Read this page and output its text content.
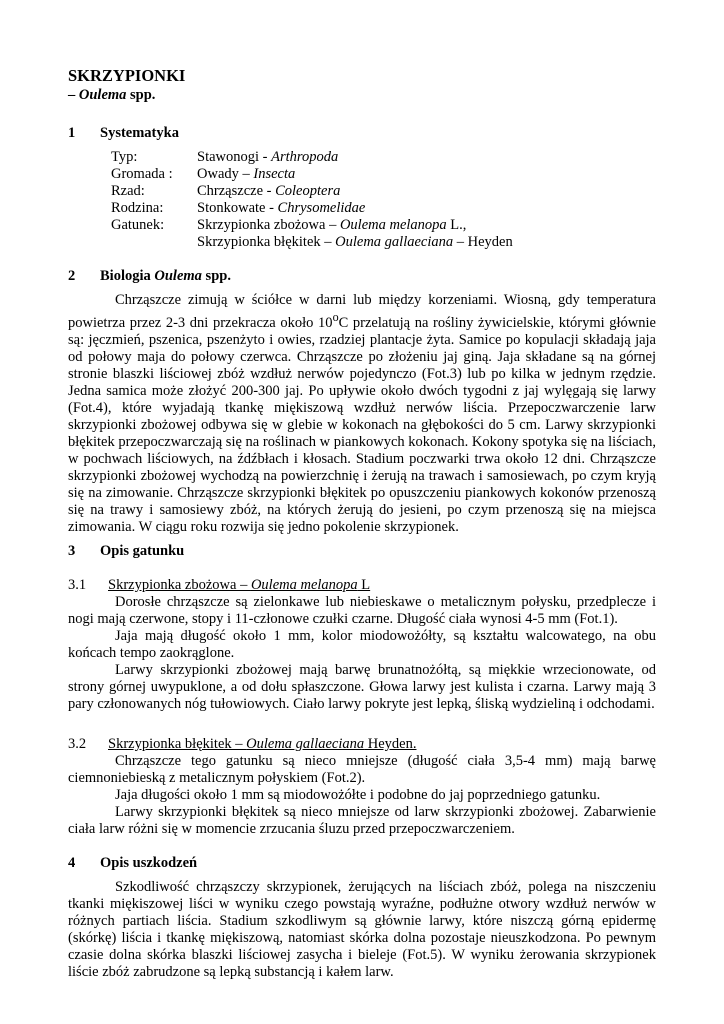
SKRZYPIONKI
– Oulema spp.
1 Systematyka
Typ:	Stawonogi - Arthropoda
Gromada :	Owady – Insecta
Rzad:	Chrząszcze - Coleoptera
Rodzina:	Stonkowate - Chrysomelidae
Gatunek:	Skrzypionka zbożowa – Oulema melanopa L.,
Skrzypionka błękitek – Oulema gallaeciana – Heyden
2 Biologia Oulema spp.

Chrząszcze zimują w ściółce w darni lub między korzeniami. Wiosną, gdy temperatura powietrza przez 2-3 dni przekracza około 10$^o$C przelatują na rośliny żywicielskie, którymi głównie są: jęczmień, pszenica, pszenżyto i owies, rzadziej plantacje żyta. Samice po kopulacji składają jaja od połowy maja do połowy czerwca. Chrząszcze po złożeniu jaj giną. Jaja składane są na górnej stronie blaszki liściowej zbóż wzdłuż nerwów pojedynczo (Fot.3) lub po kilka w jednym rzędzie. Jedna samica może złożyć 200-300 jaj. Po upływie około dwóch tygodni z jaj wylęgają się larwy (Fot.4), które wyjadają tkankę miękiszową wzdłuż nerwów liścia. Przepoczwarczenie larw skrzypionki zbożowej odbywa się w glebie w kokonach na głębokości do 5 cm. Larwy skrzypionki błękitek przepoczwarczają się na roślinach w piankowych kokonach. Kokony spotyka się na liściach, w pochwach liściowych, na źdźbłach i kłosach. Stadium poczwarki trwa około 12 dni. Chrząszcze skrzypionki zbożowej wychodzą na powierzchnię i żerują na trawach i samosiewach, po czym kryją się na zimowanie. Chrząszcze skrzypionki błękitek po opuszczeniu piankowych kokonów przenoszą się na trawy i samosiewy zbóż, na których żerują do jesieni, po czym przenoszą się na miejsca zimowania. W ciągu roku rozwija się jedno pokolenie skrzypionek.

3 Opis gatunku
3.1 Skrzypionka zbożowa – Oulema melanopa L

Dorosłe chrząszcze są zielonkawe lub niebieskawe o metalicznym połysku, przedplecze i nogi mają czerwone, stopy i 11-członowe czułki czarne. Długość ciała wynosi 4-5 mm (Fot.1).

Jaja mają długość około 1 mm, kolor miodowożółty, są kształtu walcowatego, na obu końcach tempo zaokrąglone.

Larwy skrzypionki zbożowej mają barwę brunatnożółtą, są miękkie wrzecionowate, od strony górnej uwypuklone, a od dołu spłaszczone. Głowa larwy jest kulista i czarna. Larwy mają 3 pary członowanych nóg tułowiowych. Ciało larwy pokryte jest lepką, śliską wydzieliną i odchodami.

3.2 Skrzypionka błękitek – Oulema gallaeciana Heyden.

Chrząszcze tego gatunku są nieco mniejsze (długość ciała 3,5-4 mm) mają barwę ciemnoniebieską z metalicznym połyskiem (Fot.2).

Jaja długości około 1 mm są miodowożółte i podobne do jaj poprzedniego gatunku.

Larwy skrzypionki błękitek są nieco mniejsze od larw skrzypionki zbożowej. Zabarwienie ciała larw różni się w momencie zrzucania śluzu przed przepoczwarczeniem.

4 Opis uszkodzeń

Szkodliwość chrząszczy skrzypionek, żerujących na liściach zbóż, polega na niszczeniu tkanki miękiszowej liści w wyniku czego powstają wyraźne, podłużne otwory wzdłuż nerwów w różnych partiach liścia. Stadium szkodliwym są głównie larwy, które niszczą górną epidermę (skórkę) liścia i tkankę miękiszową, natomiast skórka dolna pozostaje nieuszkodzona. Po pewnym czasie dolna skórka blaszki liściowej zasycha i bieleje (Fot.5). W wyniku żerowania skrzypionek liście zbóż zabrudzone są lepką substancją i kałem larw.
